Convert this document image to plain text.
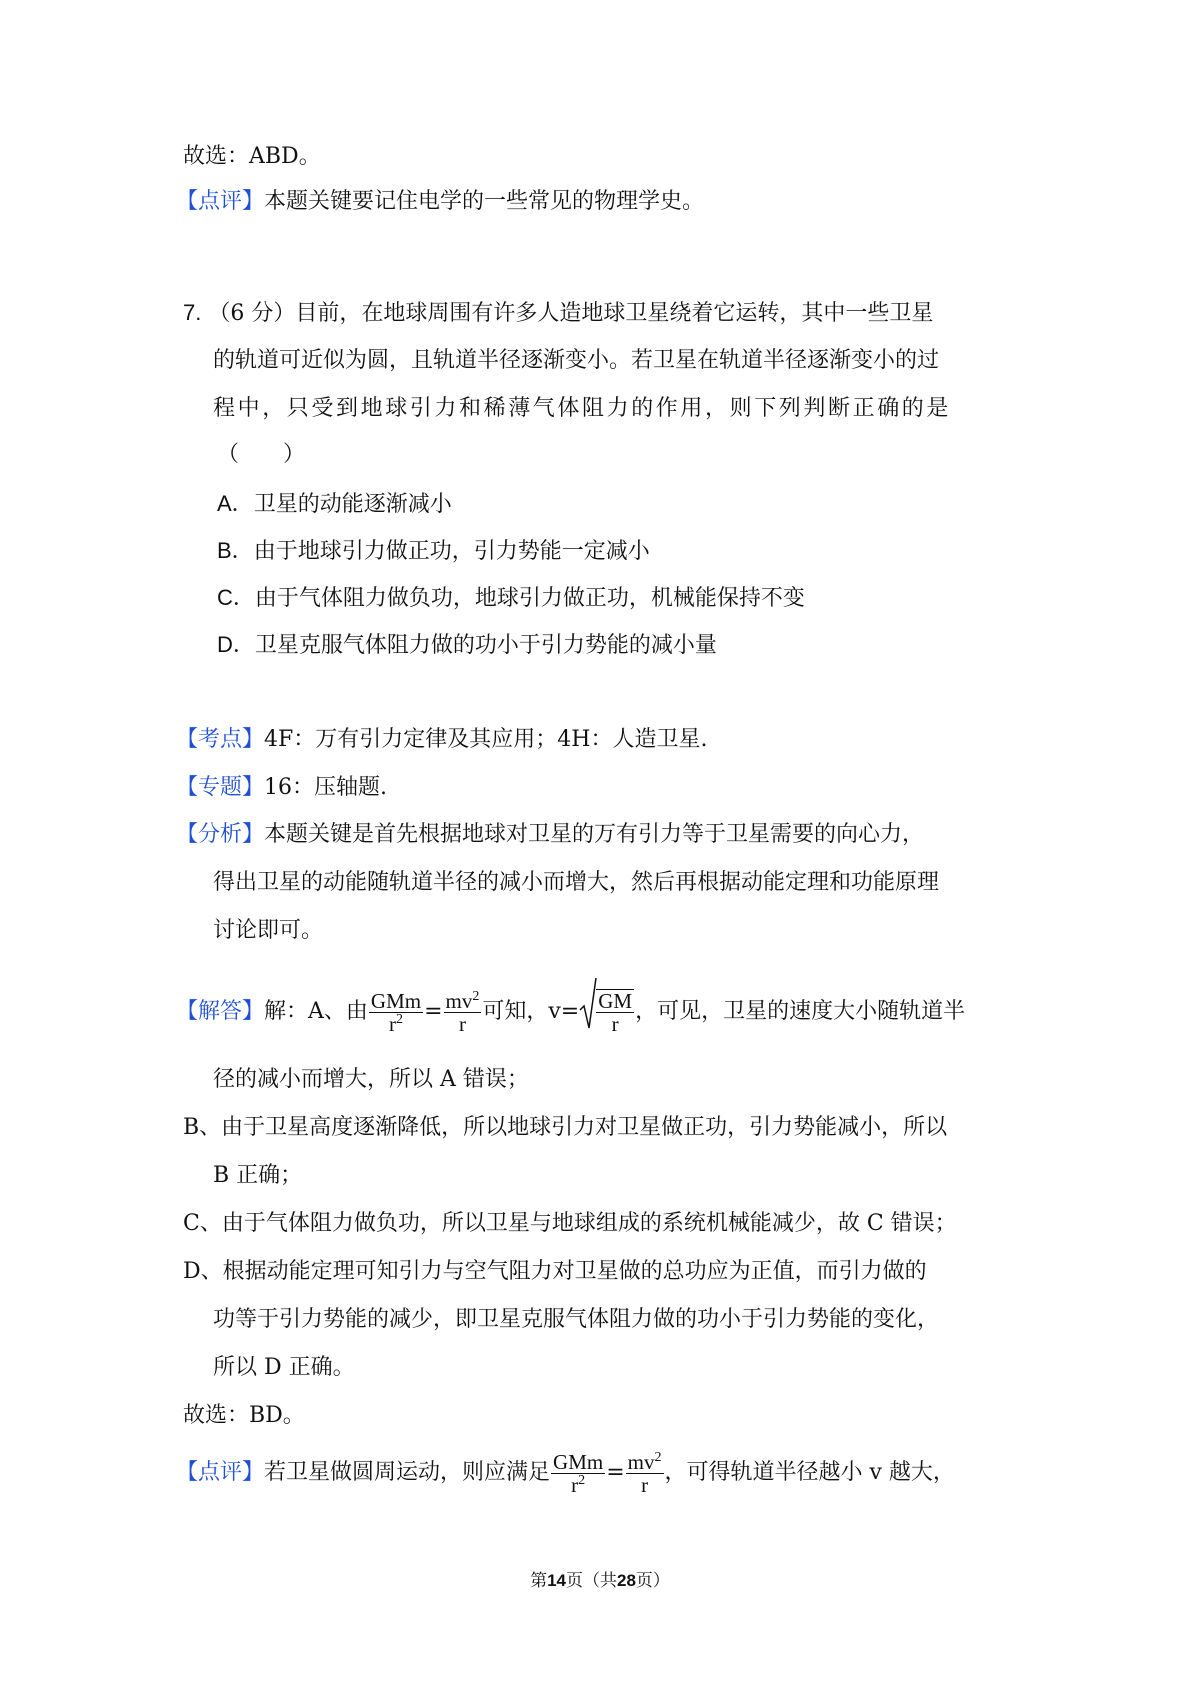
故选：ABD。
【点评】本题关键要记住电学的一些常见的物理学史。
7. （6 分）目前，在地球周围有许多人造地球卫星绕着它运转，其中一些卫星
的轨道可近似为圆，且轨道半径逐渐变小。若卫星在轨道半径逐渐变小的过
程中，只受到地球引力和稀薄气体阻力的作用，则下列判断正确的是
（　　）
A．卫星的动能逐渐减小
B．由于地球引力做正功，引力势能一定减小
C．由于气体阻力做负功，地球引力做正功，机械能保持不变
D．卫星克服气体阻力做的功小于引力势能的减小量
【考点】4F：万有引力定律及其应用；4H：人造卫星.
【专题】16：压轴题.
【分析】本题关键是首先根据地球对卫星的万有引力等于卫星需要的向心力，
得出卫星的动能随轨道半径的减小而增大，然后再根据动能定理和功能原理
讨论即可。
【解答】解：A、由 $\frac{\text{GMm}}{r^2} = \frac{mv^2}{r}$ 可知，$v= \frac{GM}{r}$ ，可见，卫星的速度大小随轨道半
径的减小而增大，所以 A 错误；
B、由于卫星高度逐渐降低，所以地球引力对卫星做正功，引力势能减小，所以
B 正确；
C、由于气体阻力做负功，所以卫星与地球组成的系统机械能减少，故 C 错误；
D、根据动能定理可知引力与空气阻力对卫星做的总功应为正值，而引力做的
功等于引力势能的减少，即卫星克服气体阻力做的功小于引力势能的变化，
所以 D 正确。
故选：BD。
【点评】若卫星做圆周运动，则应满足 $\frac{\text{GMm}}{r^2} = \frac{mv^2}{r}$ ，可得轨道半径越小 v 越大，
第14页（共28页）
